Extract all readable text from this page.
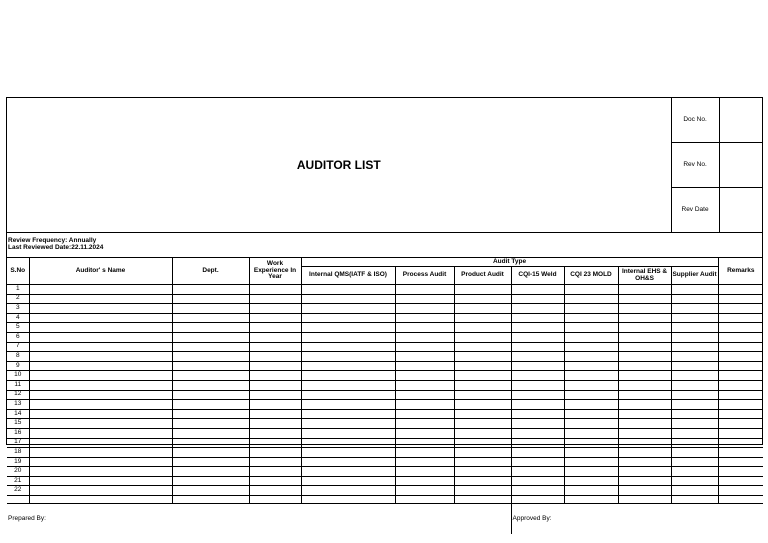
AUDITOR LIST	
Doc No.	
Rev No.	
Rev Date	

Review Frequency: Annually
Last Reviewed Date:22.11.2024

S.No	Auditor' s Name	Dept.	Work Experience In Year	Audit Type	Remarks
Internal QMS(IATF & ISO)	Process Audit	Product Audit	CQI-15 Weld	CQI 23 MOLD	Internal EHS & OH&S	Supplier Audit
1											
2											
3											
4											
5											
6											
7											
8											
9											
10											
11											
12											
13											
14											
15											
16											
17											
18											
19											
20											
21											
22											

Prepared By:	Approved By:
